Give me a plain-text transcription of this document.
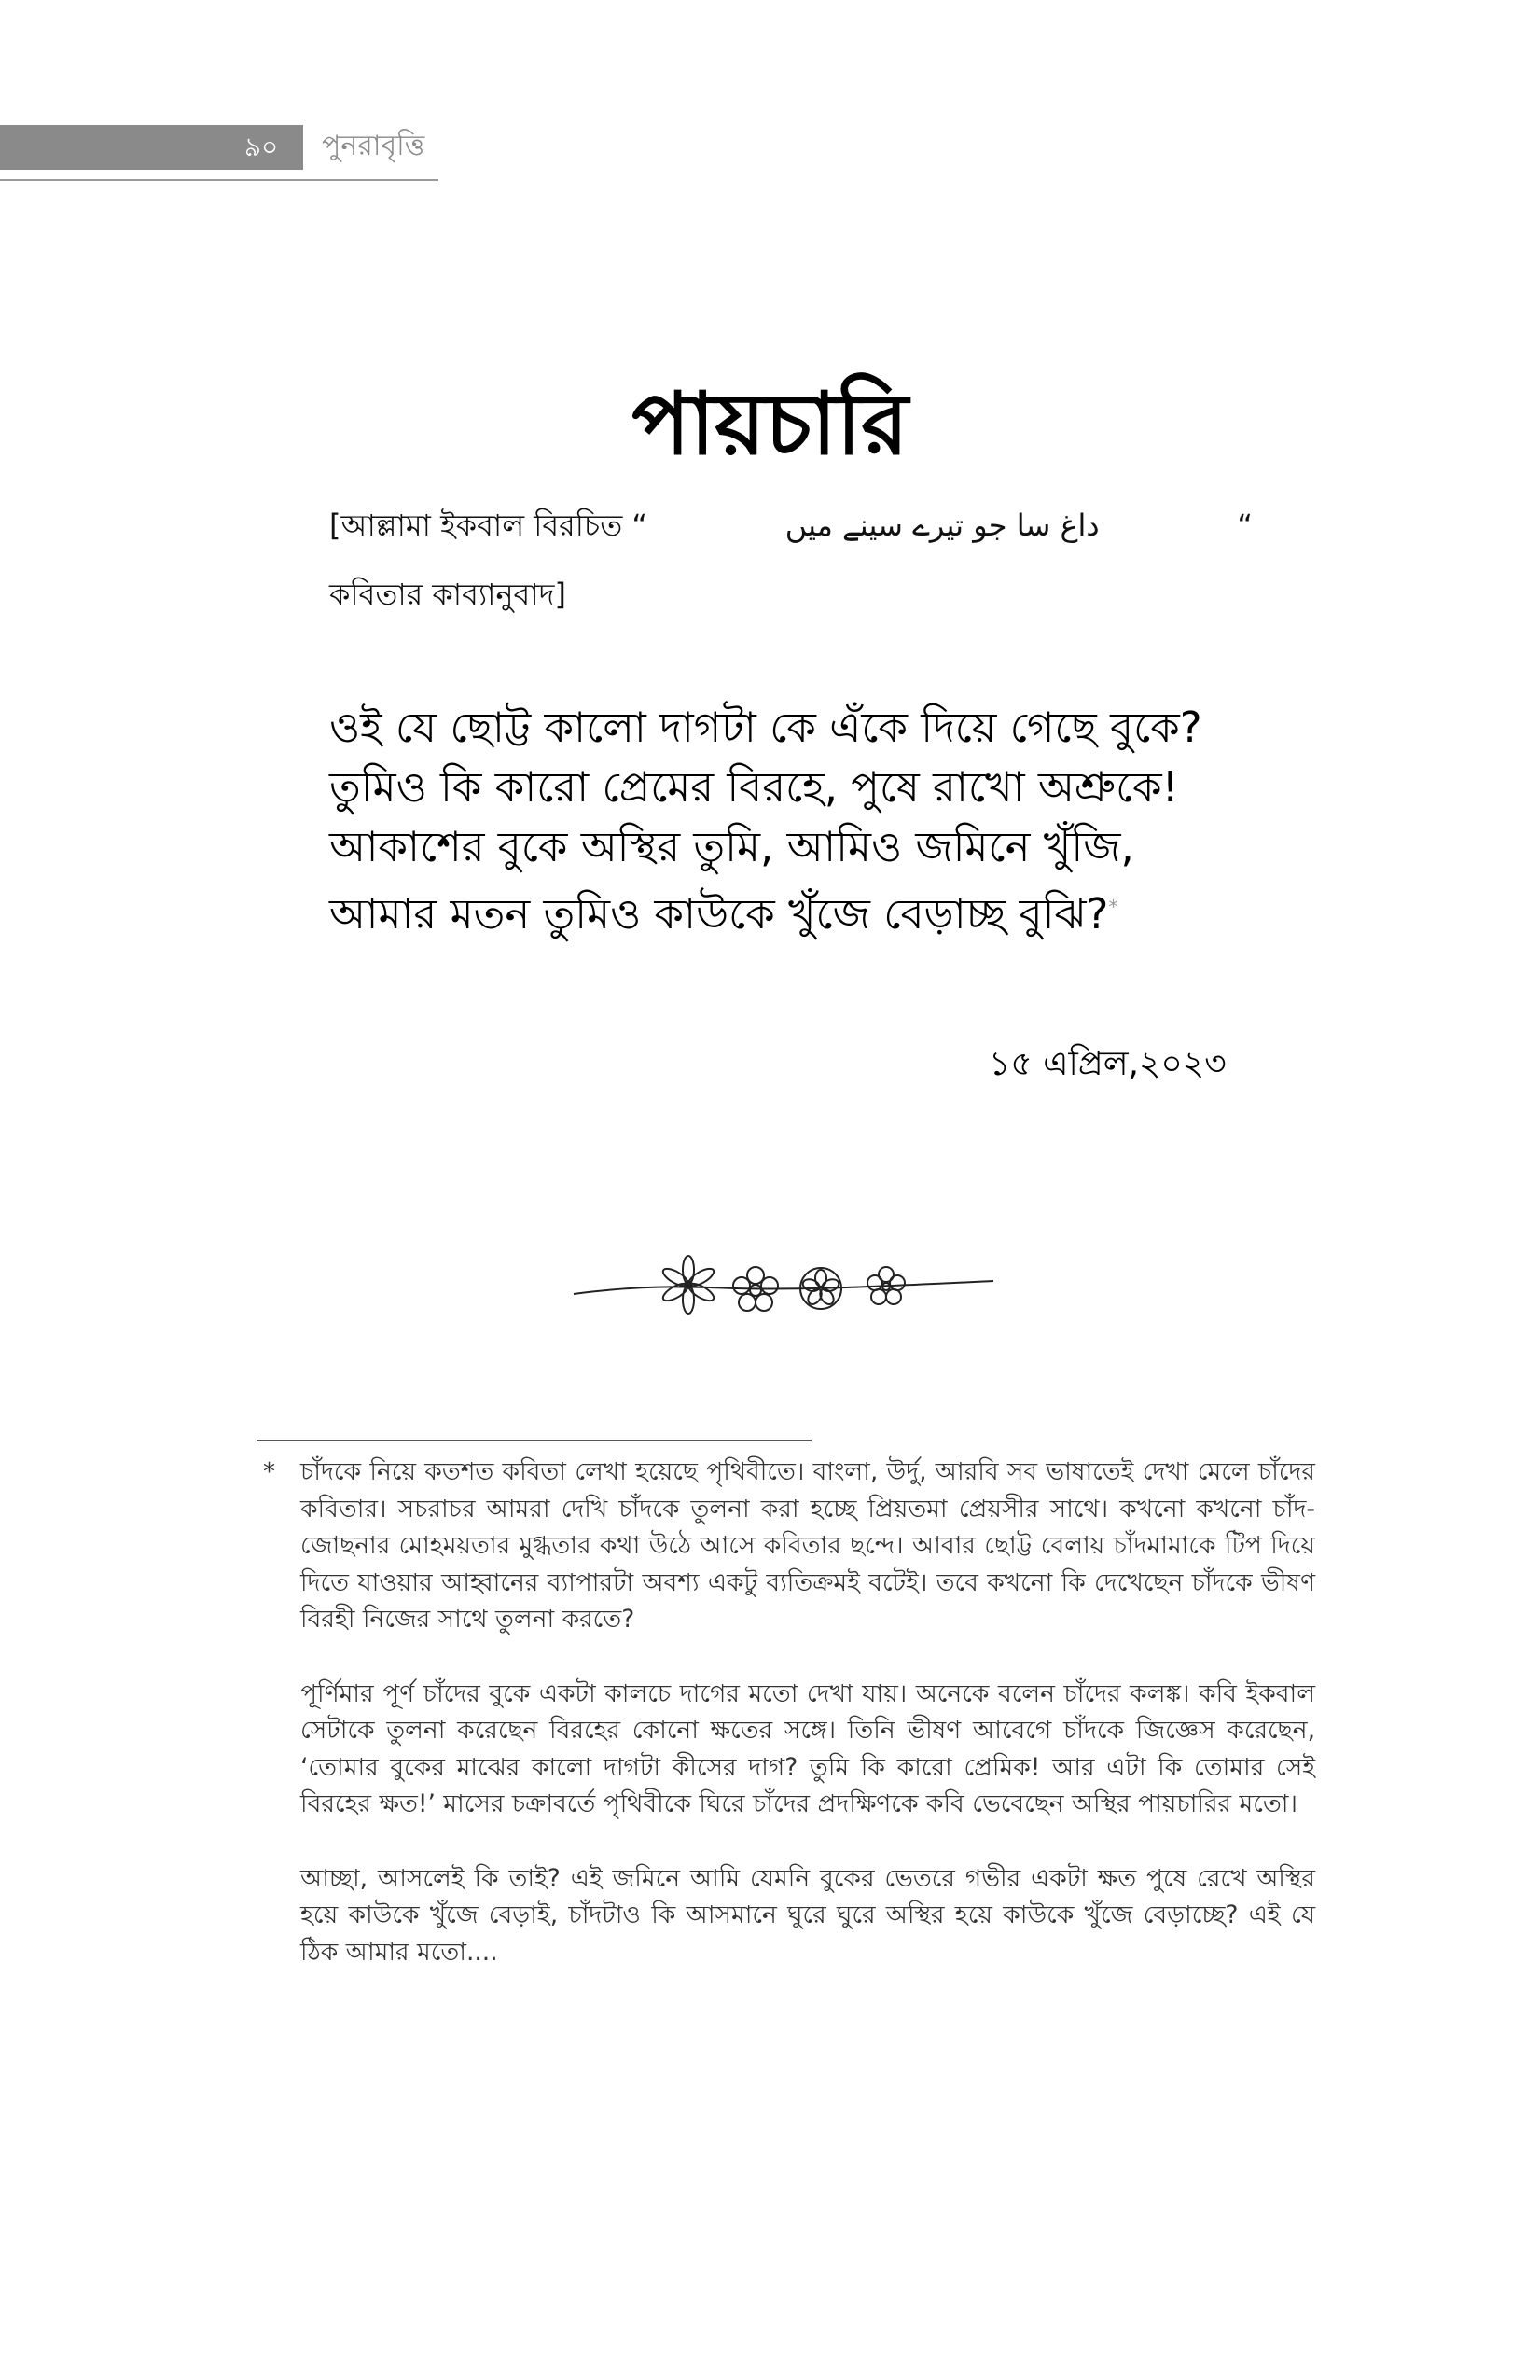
৯০	পুনরাবৃত্তি
পায়চারি
[আল্লামা ইকবাল বিরচিত “	داغ سا جو تیرے سینے میں	“
কবিতার কাব্যানুবাদ]
ওই যে ছোট্ট কালো দাগটা কে এঁকে দিয়ে গেছে বুকে?
তুমিও কি কারো প্রেমের বিরহে, পুষে রাখো অশ্রুকে!
আকাশের বুকে অস্থির তুমি, আমিও জমিনে খুঁজি,
আমার মতন তুমিও কাউকে খুঁজে বেড়াচ্ছ বুঝি?*
১৫ এপ্রিল,২০২৩
* চাঁদকে নিয়ে কতশত কবিতা লেখা হয়েছে পৃথিবীতে। বাংলা, উর্দু, আরবি সব ভাষাতেই দেখা মেলে চাঁদের কবিতার। সচরাচর আমরা দেখি চাঁদকে তুলনা করা হচ্ছে প্রিয়তমা প্রেয়সীর সাথে। কখনো কখনো চাঁদ-জোছনার মোহময়তার মুগ্ধতার কথা উঠে আসে কবিতার ছন্দে। আবার ছোট্ট বেলায় চাঁদমামাকে টিপ দিয়ে দিতে যাওয়ার আহ্বানের ব্যাপারটা অবশ্য একটু ব্যতিক্রমই বটেই। তবে কখনো কি দেখেছেন চাঁদকে ভীষণ বিরহী নিজের সাথে তুলনা করতে?

পূর্ণিমার পূর্ণ চাঁদের বুকে একটা কালচে দাগের মতো দেখা যায়। অনেকে বলেন চাঁদের কলঙ্ক। কবি ইকবাল সেটাকে তুলনা করেছেন বিরহের কোনো ক্ষতের সঙ্গে। তিনি ভীষণ আবেগে চাঁদকে জিজ্ঞেস করেছেন, ‘তোমার বুকের মাঝের কালো দাগটা কীসের দাগ? তুমি কি কারো প্রেমিক! আর এটা কি তোমার সেই বিরহের ক্ষত!’ মাসের চক্রাবর্তে পৃথিবীকে ঘিরে চাঁদের প্রদক্ষিণকে কবি ভেবেছেন অস্থির পায়চারির মতো।

আচ্ছা, আসলেই কি তাই? এই জমিনে আমি যেমনি বুকের ভেতরে গভীর একটা ক্ষত পুষে রেখে অস্থির হয়ে কাউকে খুঁজে বেড়াই, চাঁদটাও কি আসমানে ঘুরে ঘুরে অস্থির হয়ে কাউকে খুঁজে বেড়াচ্ছে? এই যে ঠিক আমার মতো....
